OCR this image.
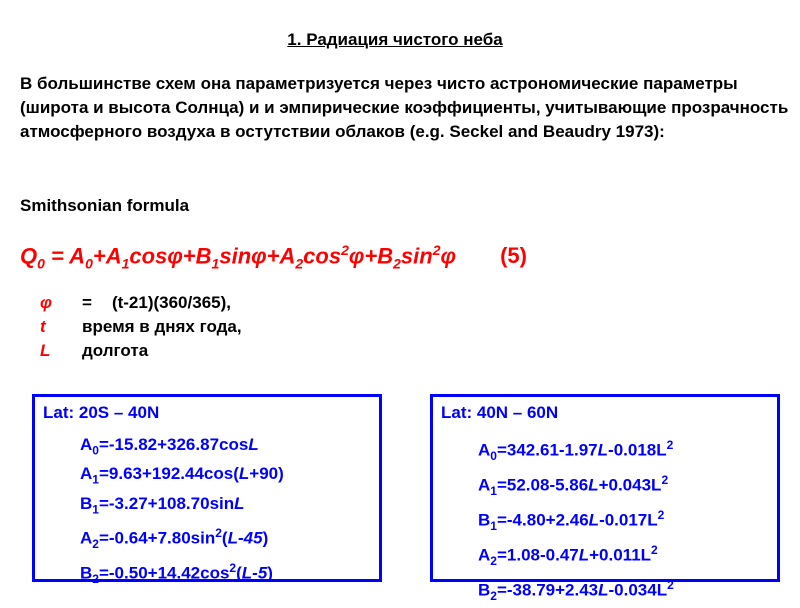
1. Радиация чистого неба
В большинстве схем она параметризуется через чисто астрономические параметры (широта и высота Солнца) и и эмпирические коэффициенты, учитывающие прозрачность атмосферного воздуха в остутствии облаков (e.g. Seckel and Beaudry 1973):
Smithsonian formula
$Q_0 = A_0+A_1\cos\varphi+B_1\sin\varphi+A_2\cos^2\varphi+B_2\sin^2\varphi$ (5)
φ = (t-21)(360/365),
t время в днях года,
L долгота
Lat: 20S – 40N
$A_0=-15.82+326.87\cos L$
$A_1=9.63+192.44\cos(L+90)$
$B_1=-3.27+108.70\sin L$
$A_2=-0.64+7.80\sin^2(L-45)$
$B_2=-0.50+14.42\cos^2(L-5)$
Lat: 40N – 60N
$A_0=342.61-1.97L-0.018L^2$
$A_1=52.08-5.86L+0.043L^2$
$B_1=-4.80+2.46L-0.017L^2$
$A_2=1.08-0.47L+0.011L^2$
$B_2=-38.79+2.43L-0.034L^2$
